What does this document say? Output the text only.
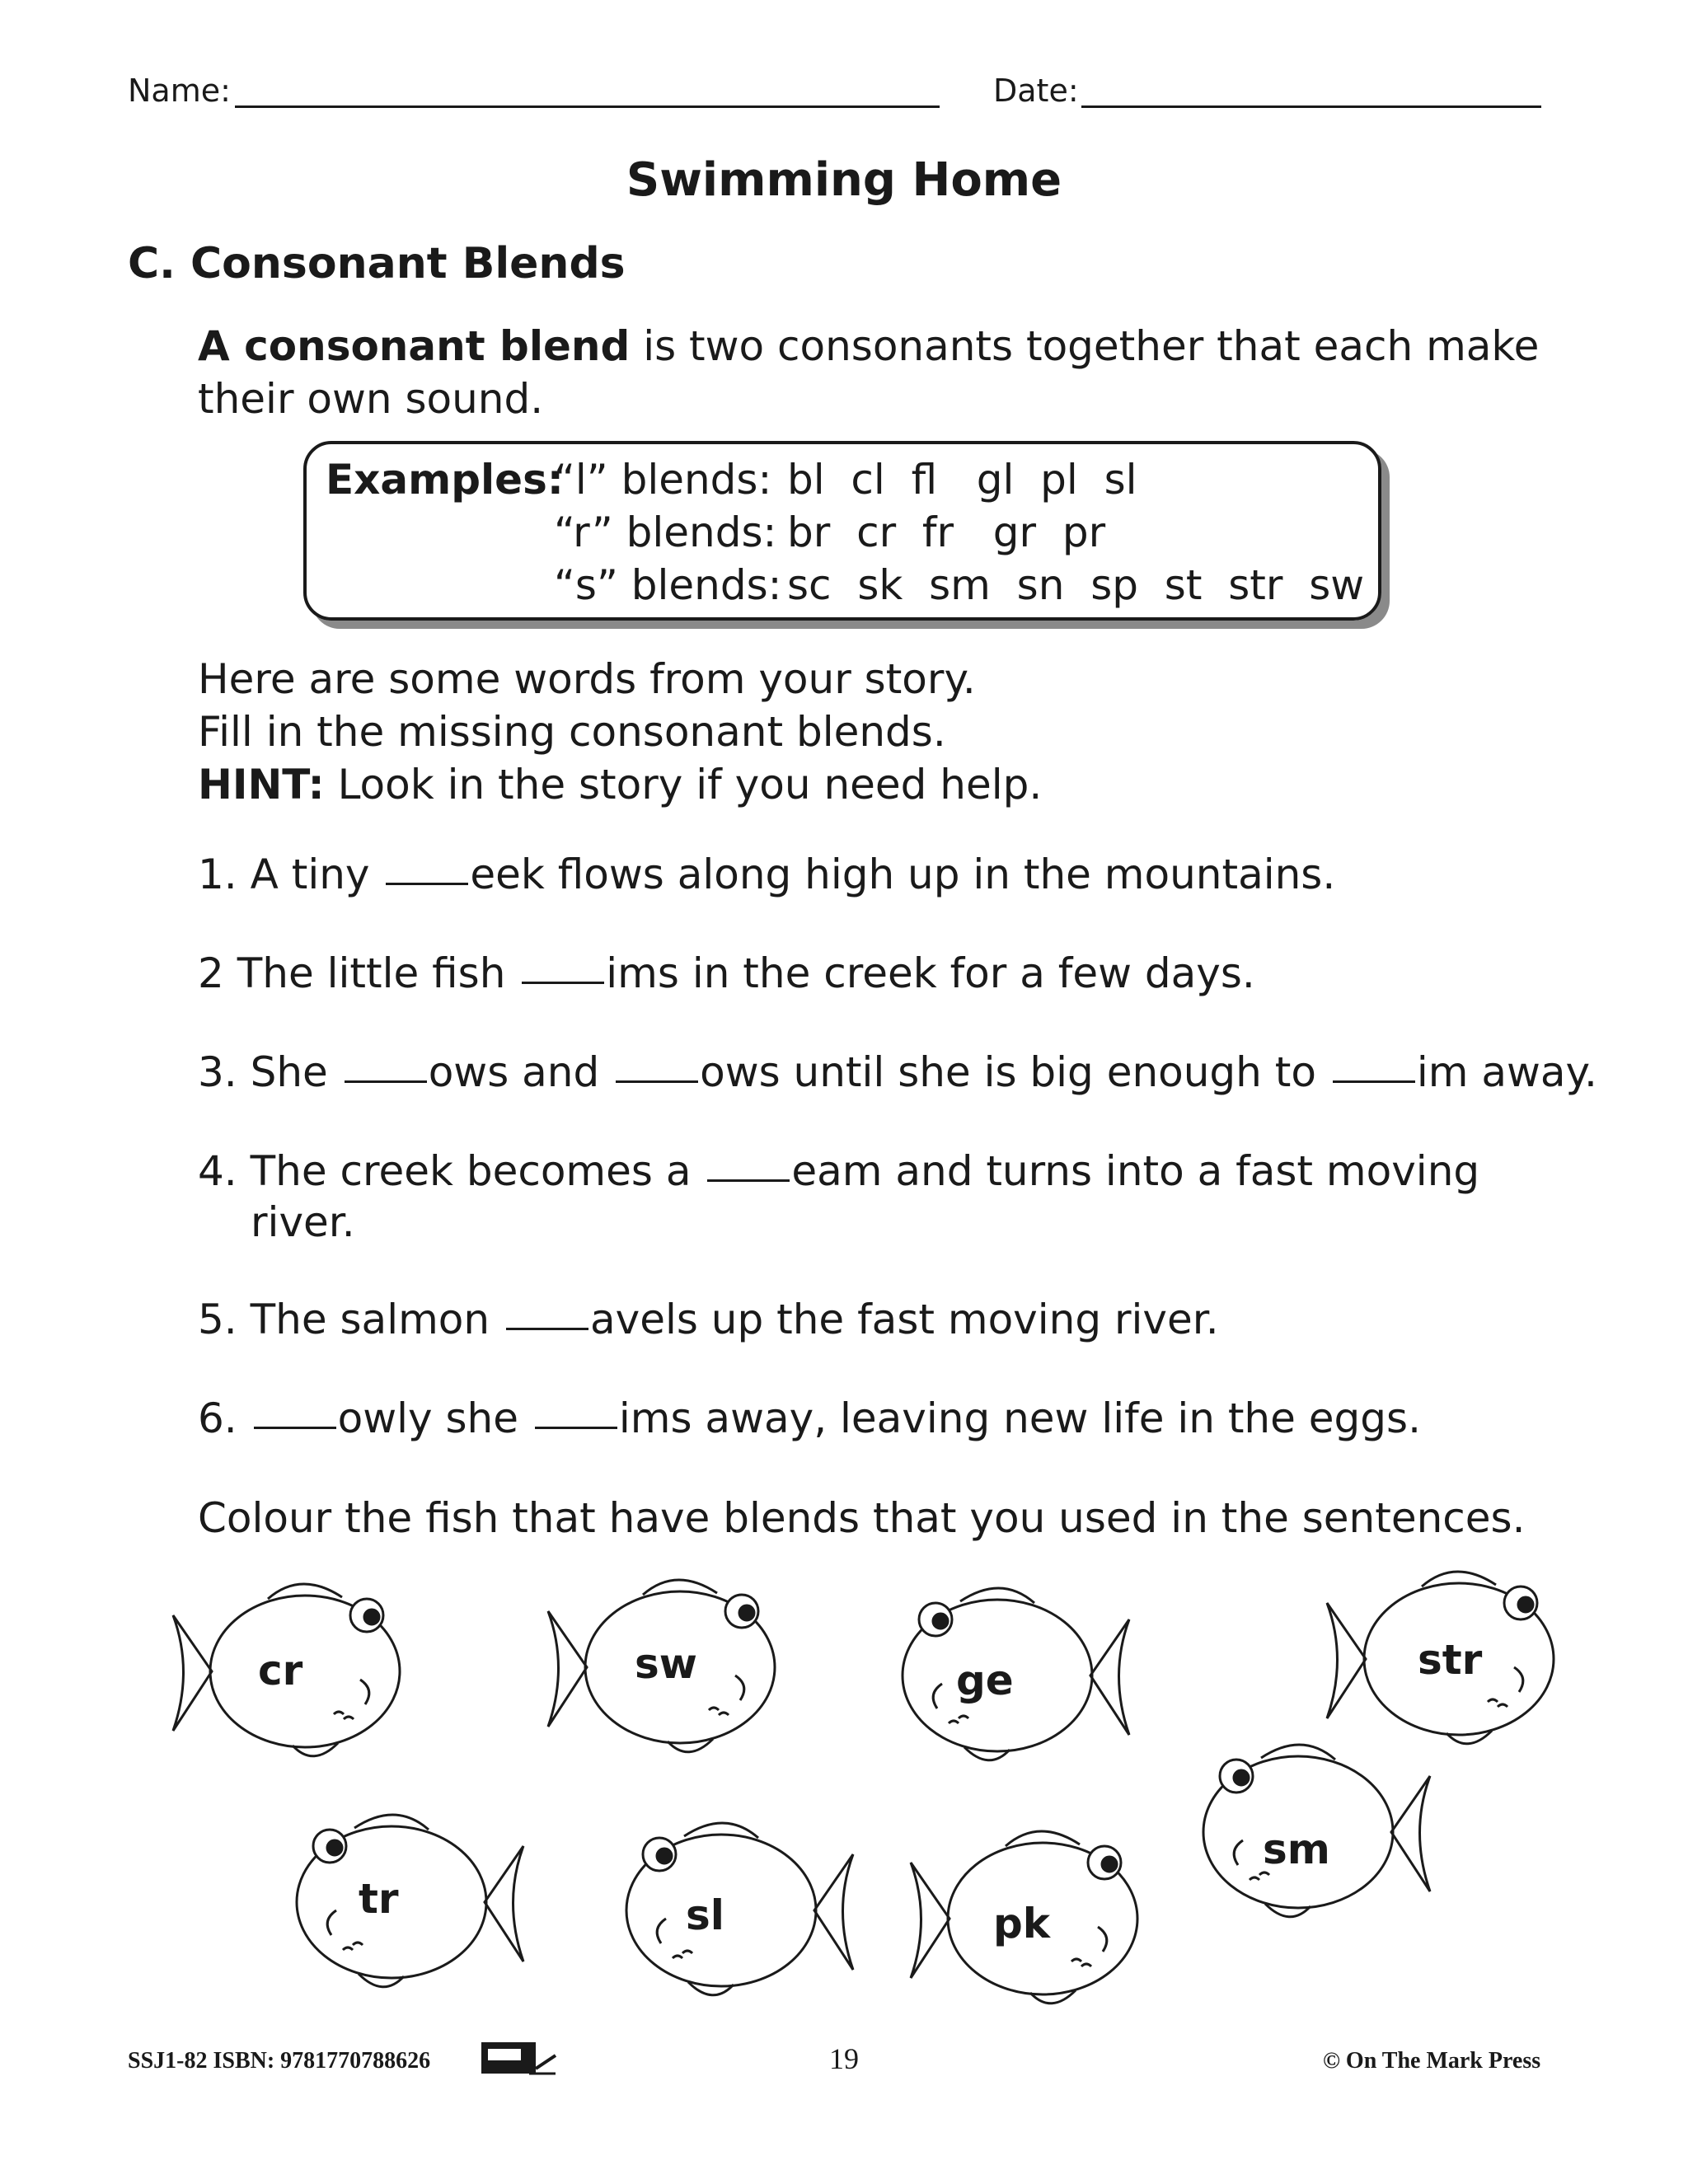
Name:	Date:
Swimming Home
C. Consonant Blends
A consonant blend is two consonants together that each make
their own sound.
Examples:
“l” blends: bl  cl  fl   gl  pl  sl
“r” blends: br  cr  fr   gr  pr
“s” blends: sc  sk  sm  sn  sp  st  str  sw
Here are some words from your story.
Fill in the missing consonant blends.
HINT: Look in the story if you need help.
1. A tiny eek flows along high up in the mountains.
2 The little fish ims in the creek for a few days.
3. She ows and ows until she is big enough to im away.
4. The creek becomes a eam and turns into a fast moving
river.
5. The salmon avels up the fast moving river.
6. owly she ims away, leaving new life in the eggs.
Colour the fish that have blends that you used in the sentences.
cr	sw	ge	str
tr	sl	pk
sm
SSJ1-82 ISBN: 9781770788626	19	© On The Mark Press
